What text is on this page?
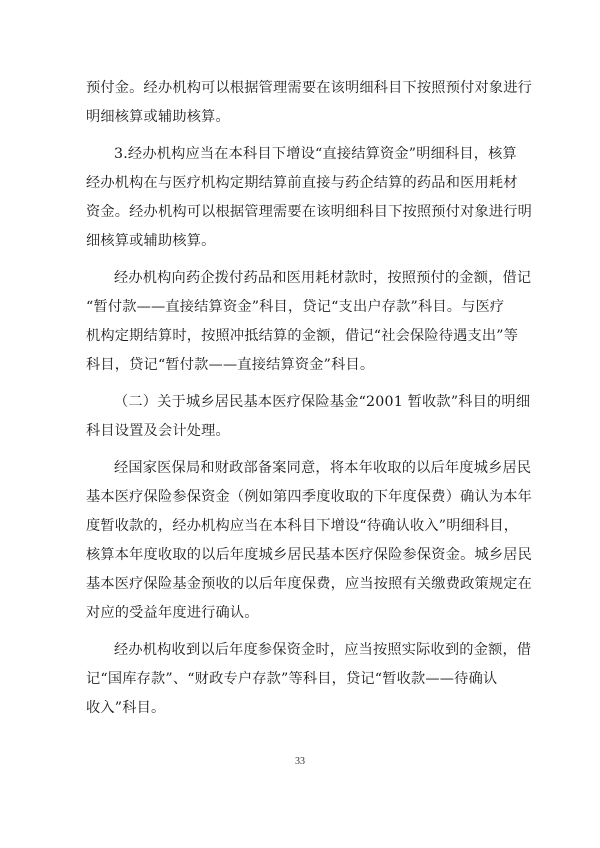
预付金。经办机构可以根据管理需要在该明细科目下按照预付对象进行
明细核算或辅助核算。

3.经办机构应当在本科目下增设“直接结算资金”明细科目，核算
经办机构在与医疗机构定期结算前直接与药企结算的药品和医用耗材
资金。经办机构可以根据管理需要在该明细科目下按照预付对象进行明
细核算或辅助核算。

经办机构向药企拨付药品和医用耗材款时，按照预付的金额，借记
“暂付款——直接结算资金”科目，贷记“支出户存款”科目。与医疗
机构定期结算时，按照冲抵结算的金额，借记“社会保险待遇支出”等
科目，贷记“暂付款——直接结算资金”科目。

（二）关于城乡居民基本医疗保险基金“2001 暂收款”科目的明细
科目设置及会计处理。

经国家医保局和财政部备案同意，将本年收取的以后年度城乡居民
基本医疗保险参保资金（例如第四季度收取的下年度保费）确认为本年
度暂收款的，经办机构应当在本科目下增设“待确认收入”明细科目，
核算本年度收取的以后年度城乡居民基本医疗保险参保资金。城乡居民
基本医疗保险基金预收的以后年度保费，应当按照有关缴费政策规定在
对应的受益年度进行确认。

经办机构收到以后年度参保资金时，应当按照实际收到的金额，借
记“国库存款”、“财政专户存款”等科目，贷记“暂收款——待确认
收入”科目。

33
